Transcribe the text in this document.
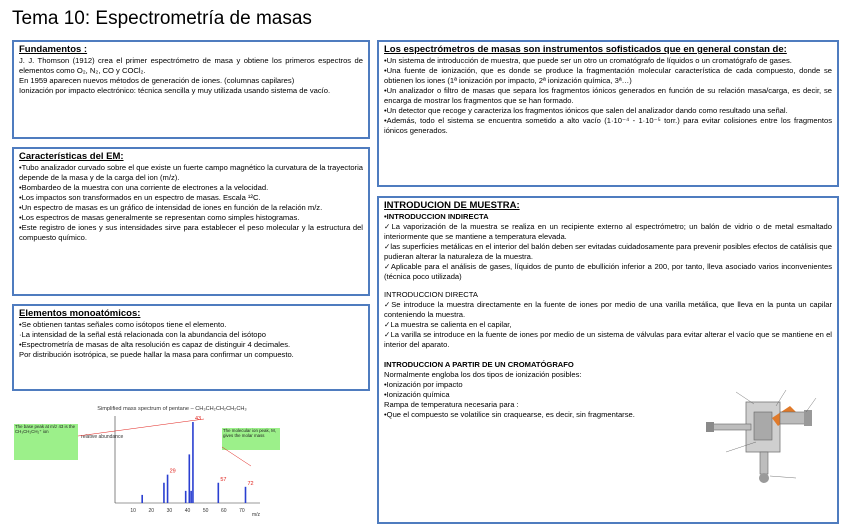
Tema 10: Espectrometría de masas
Fundamentos :

J. J. Thomson (1912) crea el primer espectrómetro de masa y obtiene los primeros espectros de elementos como O₂, N₂, CO y COCl₂.

En 1959 aparecen nuevos métodos de generación de iones. (columnas capilares)

Ionización por impacto electrónico: técnica sencilla y muy utilizada usando sistema de vacío.

Características del EM:

•Tubo analizador curvado sobre el que existe un fuerte campo magnético la curvatura de la trayectoria depende de la masa y de la carga del ion (m/z).

•Bombardeo de la muestra con una corriente de electrones a la velocidad.

•Los impactos son transformados en un espectro de masas. Escala ¹²C.

•Un espectro de masas es un gráfico de intensidad de iones en función de la relación m/z.

•Los espectros de masas generalmente se representan como simples histogramas.

•Este registro de iones y sus intensidades sirve para establecer el peso molecular y la estructura del compuesto químico.

Elementos monoatómicos:

•Se obtienen tantas señales como isótopos tiene el elemento.

·La intensidad de la señal está relacionada con la abundancia del isótopo

•Espectrometría de masas de alta resolución es capaz de distinguir 4 decimales.

Por distribución isotrópica, se puede hallar la masa para confirmar un compuesto.

Simplified mass spectrum of pentane – CH₃CH₂CH₂CH₂CH₃
relative abundance
m/z
10	20	30	40	50	60	70
43
29
57
72
The base peak at m/z 43 is the CH₃CH₂CH₂⁺ ion	The molecular ion peak, M, gives the molar mass
Los espectrómetros de masas son instrumentos sofisticados que en general constan de:

•Un sistema de introducción de muestra, que puede ser un otro un cromatógrafo de líquidos o un cromatógrafo de gases.

•Una fuente de ionización, que es donde se produce la fragmentación molecular característica de cada compuesto, donde se obtienen los iones (1ª ionización por impacto, 2ª ionización química, 3ª…)

•Un analizador o filtro de masas que separa los fragmentos iónicos generados en función de su relación masa/carga, es decir, se encarga de mostrar los fragmentos que se han formado.

•Un detector que recoge y caracteriza los fragmentos iónicos que salen del analizador dando como resultado una señal.

•Además, todo el sistema se encuentra sometido a alto vacío (1·10⁻⁴ - 1·10⁻⁵ torr.) para evitar colisiones entre los fragmentos iónicos generados.

INTRODUCION DE MUESTRA:

•INTRODUCCION INDIRECTA

✓La vaporización de la muestra se realiza en un recipiente externo al espectrómetro; un balón de vidrio o de metal esmaltado interiormente que se mantiene a temperatura elevada.

✓las superficies metálicas en el interior del balón deben ser evitadas cuidadosamente para prevenir posibles efectos de catálisis que pudieran alterar la naturaleza de la muestra.

✓Aplicable para el análisis de gases, líquidos de punto de ebullición inferior a 200, por tanto, lleva asociado varios inconvenientes (técnica poco utilizada)

INTRODUCCION DIRECTA

✓Se introduce la muestra directamente en la fuente de iones por medio de una varilla metálica, que lleva en la punta un capilar conteniendo la muestra.

✓La muestra se calienta en el capilar,

✓La varilla se introduce en la fuente de iones por medio de un sistema de válvulas para evitar alterar el vacío que se mantiene en el interior del aparato.

INTRODUCCION A PARTIR DE UN CROMATÓGRAFO

Normalmente engloba los dos tipos de ionización posibles:

•Ionización por impacto

•Ionización química

Rampa de temperatura necesaria para :

•Que el compuesto se volatilice sin craquearse, es decir, sin fragmentarse.
